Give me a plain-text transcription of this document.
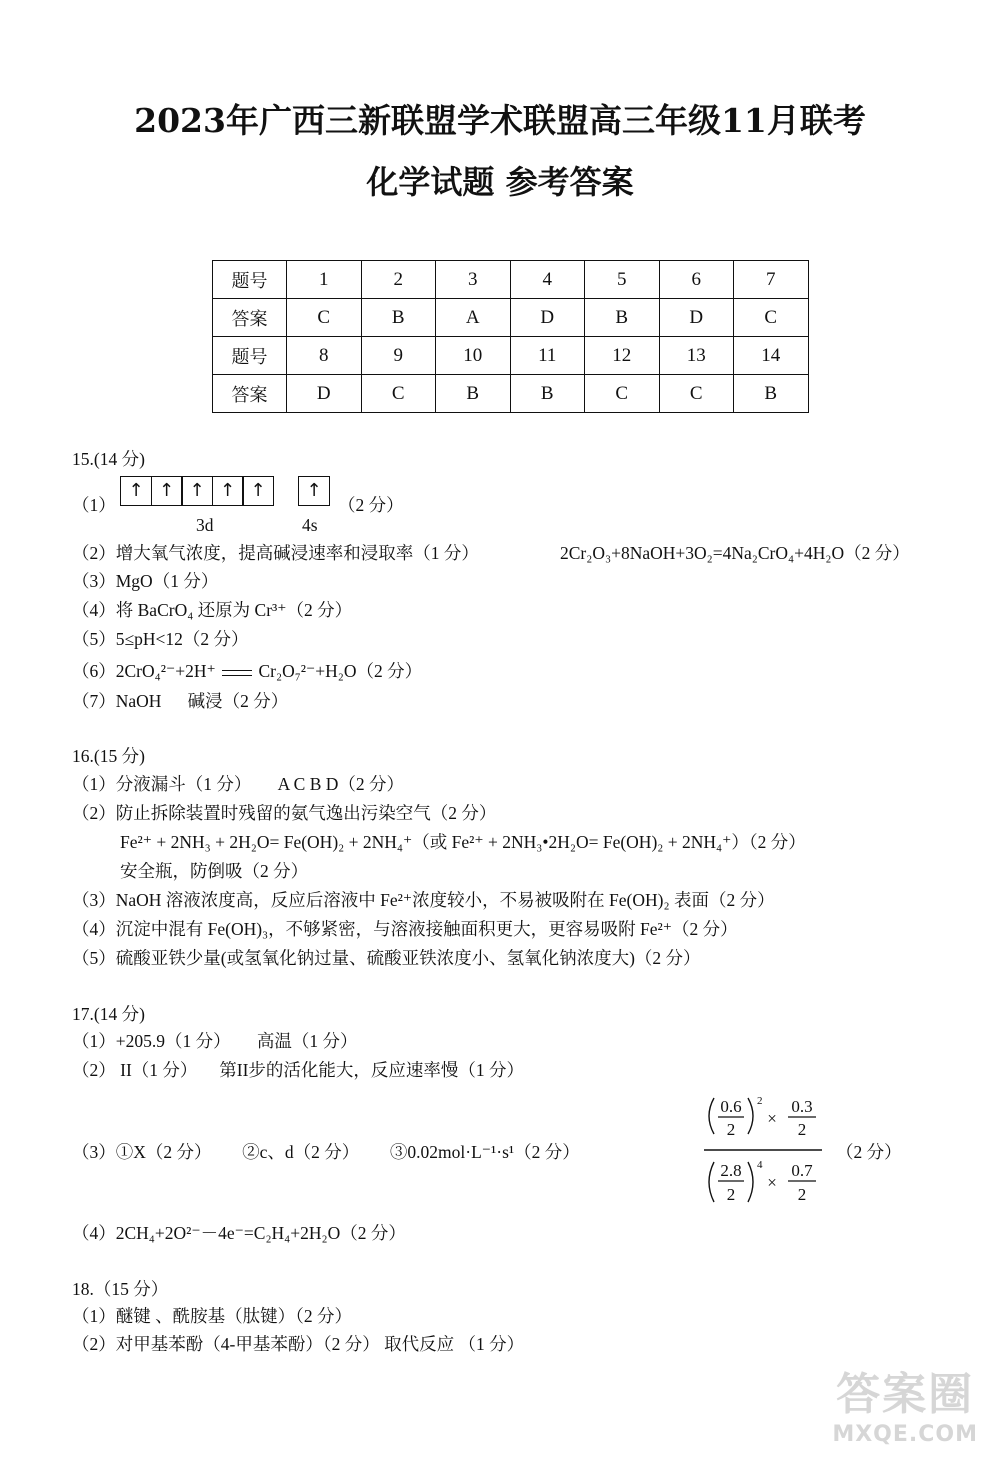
2023年广西三新联盟学术联盟高三年级11月联考
化学试题 参考答案
题号	1	2	3	4	5	6	7
答案	C	B	A	D	B	D	C
题号	8	9	10	11	12	13	14
答案	D	C	B	B	C	C	B
15.(14 分)
（1）
↑ ↑ ↑ ↑ ↑	↑
3d	4s
（2 分）
（2）增大氧气浓度，提高碱浸速率和浸取率（1 分）	2Cr₂O₃+8NaOH+3O₂=4Na₂CrO₄+4H₂O（2 分）
（3）MgO（1 分）
（4）将 BaCrO₄ 还原为 Cr³⁺（2 分）
（5）5≤pH<12（2 分）
（6）2CrO₄²⁻+2H⁺ Cr₂O₇²⁻+H₂O（2 分）
（7）NaOH      碱浸（2 分）
16.(15 分)
（1）分液漏斗（1 分）      A C B D（2 分）
（2）防止拆除装置时残留的氨气逸出污染空气（2 分）
Fe²⁺ + 2NH₃ + 2H₂O= Fe(OH)₂ + 2NH₄⁺（或 Fe²⁺ + 2NH₃•2H₂O= Fe(OH)₂ + 2NH₄⁺）（2 分）
安全瓶，防倒吸（2 分）
（3）NaOH 溶液浓度高，反应后溶液中 Fe²⁺浓度较小，不易被吸附在 Fe(OH)₂ 表面（2 分）
（4）沉淀中混有 Fe(OH)₃，不够紧密，与溶液接触面积更大，更容易吸附 Fe²⁺（2 分）
（5）硫酸亚铁少量(或氢氧化钠过量、硫酸亚铁浓度小、氢氧化钠浓度大)（2 分）
17.(14 分)
（1）+205.9（1 分）      高温（1 分）
（2） II（1 分）     第II步的活化能大，反应速率慢（1 分）
（3）①X（2 分）       ②c、d（2 分）       ③0.02mol·L⁻¹·s¹（2 分）
0.6
2
2
×
0.3
2
2.8
2
4
×
0.7
2
（2 分）
（4）2CH₄+2O²⁻－4e⁻=C₂H₄+2H₂O（2 分）
18.（15 分）
（1）醚键 、酰胺基（肽键）（2 分）
（2）对甲基苯酚（4-甲基苯酚）（2 分） 取代反应 （1 分）
答案圈
MXQE.COM
